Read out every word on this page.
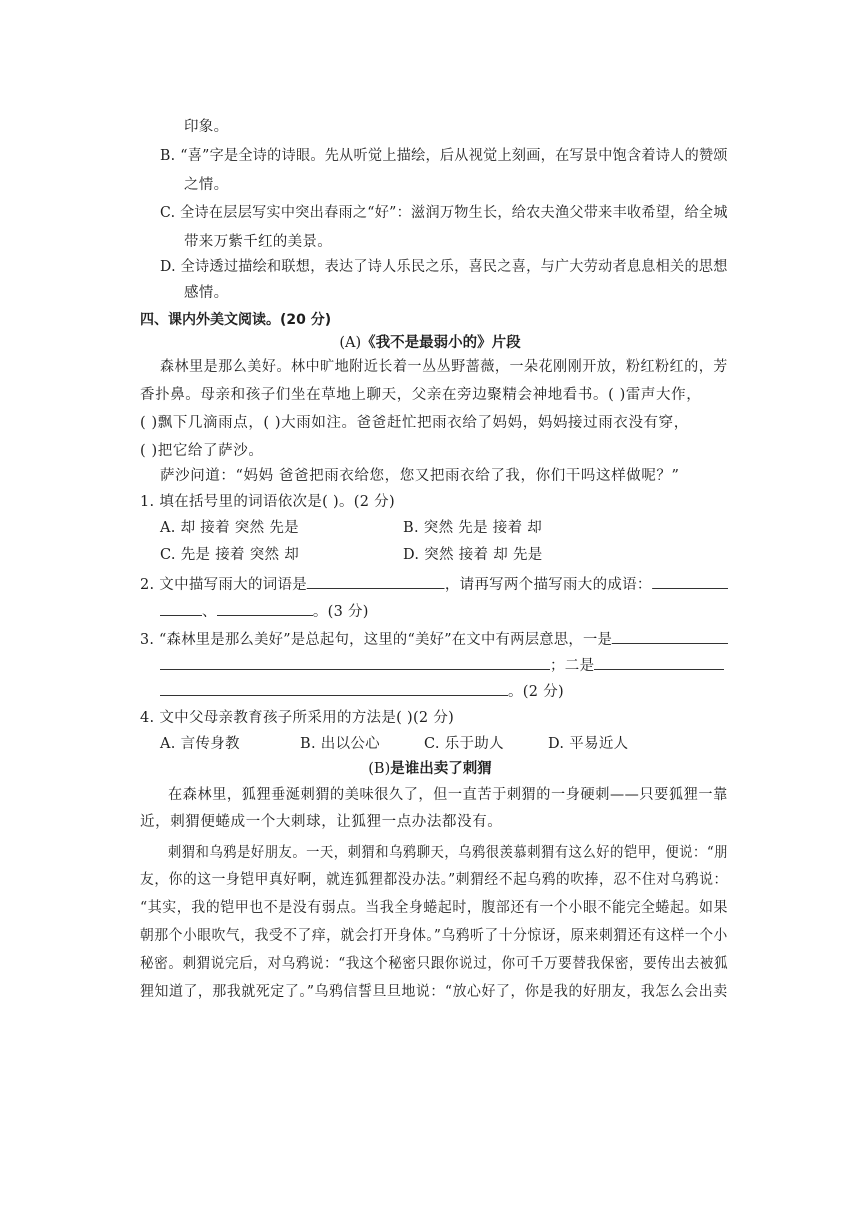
印象。
B. “喜”字是全诗的诗眼。先从听觉上描绘，后从视觉上刻画，在写景中饱含着诗人的赞颂
之情。
C. 全诗在层层写实中突出春雨之“好”：滋润万物生长，给农夫渔父带来丰收希望，给全城
带来万紫千红的美景。
D. 全诗透过描绘和联想，表达了诗人乐民之乐，喜民之喜，与广大劳动者息息相关的思想
感情。
四、课内外美文阅读。(20 分)
(A)《我不是最弱小的》片段
森林里是那么美好。林中旷地附近长着一丛丛野蔷薇，一朵花刚刚开放，粉红粉红的，芳
香扑鼻。母亲和孩子们坐在草地上聊天，父亲在旁边聚精会神地看书。( )雷声大作，
( )飘下几滴雨点，( )大雨如注。爸爸赶忙把雨衣给了妈妈，妈妈接过雨衣没有穿，
( )把它给了萨沙。
萨沙问道：“妈妈 爸爸把雨衣给您，您又把雨衣给了我，你们干吗这样做呢？”
1. 填在括号里的词语依次是( )。(2 分)
A. 却 接着 突然 先是	B. 突然 先是 接着 却
C. 先是 接着 突然 却	D. 突然 接着 却 先是
2. 文中描写雨大的词语是	，请再写两个描写雨大的成语：
、	。(3 分)
3. “森林里是那么美好”是总起句，这里的“美好”在文中有两层意思，一是
；二是
。(2 分)
4. 文中父母亲教育孩子所采用的方法是( )(2 分)
A. 言传身教	B. 出以公心	C. 乐于助人	D. 平易近人
(B)是谁出卖了刺猬
在森林里，狐狸垂涎刺猬的美味很久了，但一直苦于刺猬的一身硬刺——只要狐狸一靠
近，刺猬便蜷成一个大刺球，让狐狸一点办法都没有。
刺猬和乌鸦是好朋友。一天，刺猬和乌鸦聊天，乌鸦很羡慕刺猬有这么好的铠甲，便说：“朋
友，你的这一身铠甲真好啊，就连狐狸都没办法。”刺猬经不起乌鸦的吹捧，忍不住对乌鸦说：
“其实，我的铠甲也不是没有弱点。当我全身蜷起时，腹部还有一个小眼不能完全蜷起。如果
朝那个小眼吹气，我受不了痒，就会打开身体。”乌鸦听了十分惊讶，原来刺猬还有这样一个小
秘密。刺猬说完后，对乌鸦说：“我这个秘密只跟你说过，你可千万要替我保密，要传出去被狐
狸知道了，那我就死定了。”乌鸦信誓旦旦地说：“放心好了，你是我的好朋友，我怎么会出卖
